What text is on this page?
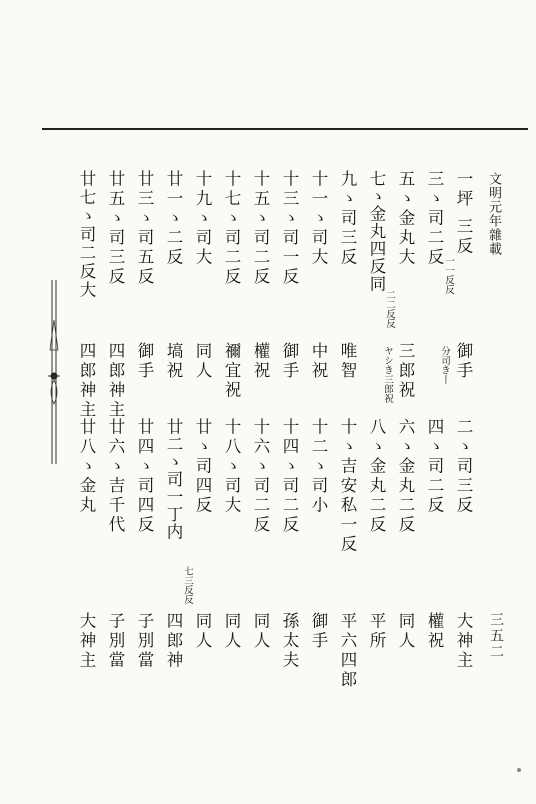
文明元年雜載
三五二
一坪 三反
御手
二ゝ司三反
大神主
三ゝ司二反
一一反反
分司き丨
四ゝ司二反
權祝
五ゝ金丸大
三郎祝
六ゝ金丸二反
同人
七ゝ金丸四反同
二二反反
ヤシき三郎祝
八ゝ金丸二反
平所
九ゝ司三反
唯智
十ゝ吉安私一反
平六四郎
十一ゝ司大
中祝
十二ゝ司小
御手
十三ゝ司一反
御手
十四ゝ司二反
孫太夫
十五ゝ司二反
權祝
十六ゝ司二反
同人
十七ゝ司二反
禰宜祝
十八ゝ司大
同人
十九ゝ司大
同人
廿ゝ司四反
同人
廿一ゝ二反
塙祝
廿二ゝ司一丁内
七三反反
四郎神
廿三ゝ司五反
御手
廿四ゝ司四反
子別當
廿五ゝ司三反
四郎神主
廿六ゝ吉千代
子別當
廿七ゝ司二反大
四郎神主
廿八ゝ金丸
大神主
